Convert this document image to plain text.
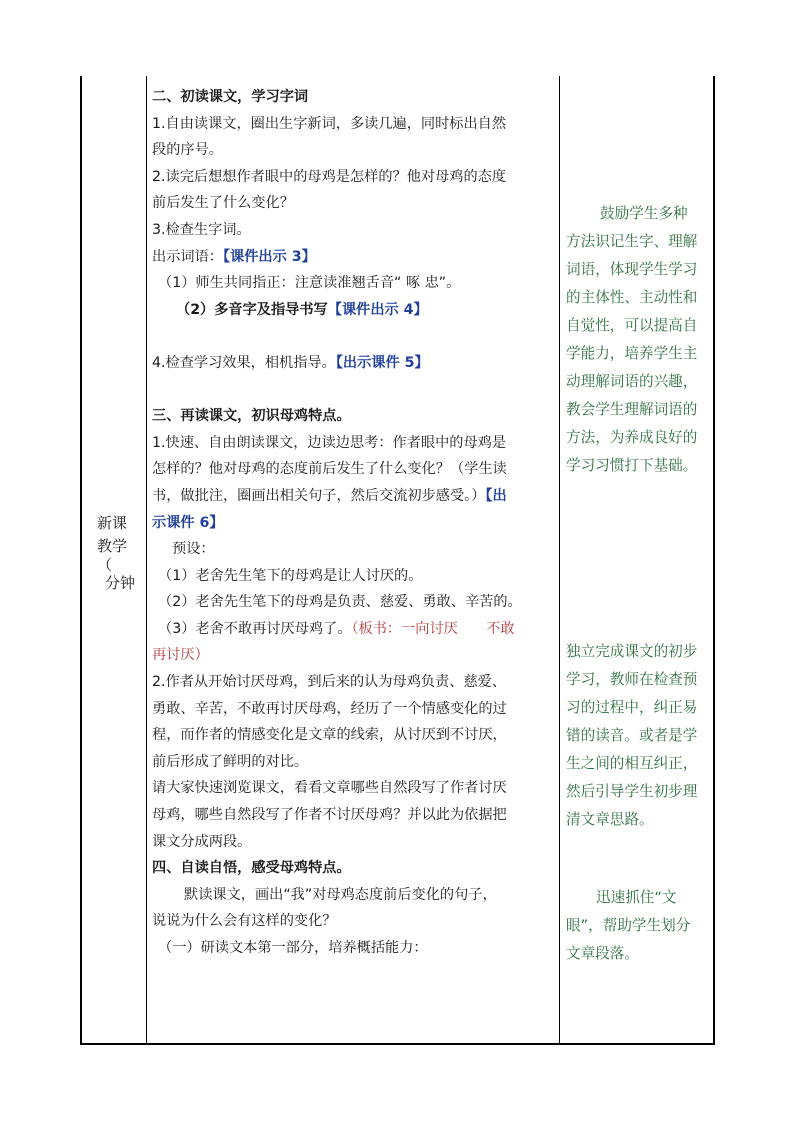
新课
教学
（
分钟
二、初读课文，学习字词
1.自由读课文，圈出生字新词，多读几遍，同时标出自然
段的序号。
2.读完后想想作者眼中的母鸡是怎样的？他对母鸡的态度
前后发生了什么变化？
3.检查生字词。
出示词语：【课件出示 3】
（1）师生共同指正：注意读准翘舌音“ 啄 忠”。
（2）多音字及指导书写【课件出示 4】
4.检查学习效果，相机指导。【出示课件 5】
三、再读课文，初识母鸡特点。
1.快速、自由朗读课文，边读边思考：作者眼中的母鸡是
怎样的？他对母鸡的态度前后发生了什么变化？（学生读
书，做批注，圈画出相关句子，然后交流初步感受。）【出
示课件 6】
预设：
（1）老舍先生笔下的母鸡是让人讨厌的。
（2）老舍先生笔下的母鸡是负责、慈爱、勇敢、辛苦的。
（3）老舍不敢再讨厌母鸡了。（板书：一向讨厌　　不敢
再讨厌）
2.作者从开始讨厌母鸡，到后来的认为母鸡负责、慈爱、
勇敢、辛苦，不敢再讨厌母鸡，经历了一个情感变化的过
程，而作者的情感变化是文章的线索，从讨厌到不讨厌，
前后形成了鲜明的对比。
请大家快速浏览课文，看看文章哪些自然段写了作者讨厌
母鸡，哪些自然段写了作者不讨厌母鸡？并以此为依据把
课文分成两段。
四、自读自悟，感受母鸡特点。
默读课文，画出“我”对母鸡态度前后变化的句子，
说说为什么会有这样的变化？
（一）研读文本第一部分，培养概括能力：
鼓励学生多种
方法识记生字、理解
词语，体现学生学习
的主体性、主动性和
自觉性，可以提高自
学能力，培养学生主
动理解词语的兴趣，
教会学生理解词语的
方法，为养成良好的
学习习惯打下基础。
独立完成课文的初步
学习，教师在检查预
习的过程中，纠正易
错的读音。或者是学
生之间的相互纠正，
然后引导学生初步理
清文章思路。
迅速抓住“文
眼”，帮助学生划分
文章段落。
